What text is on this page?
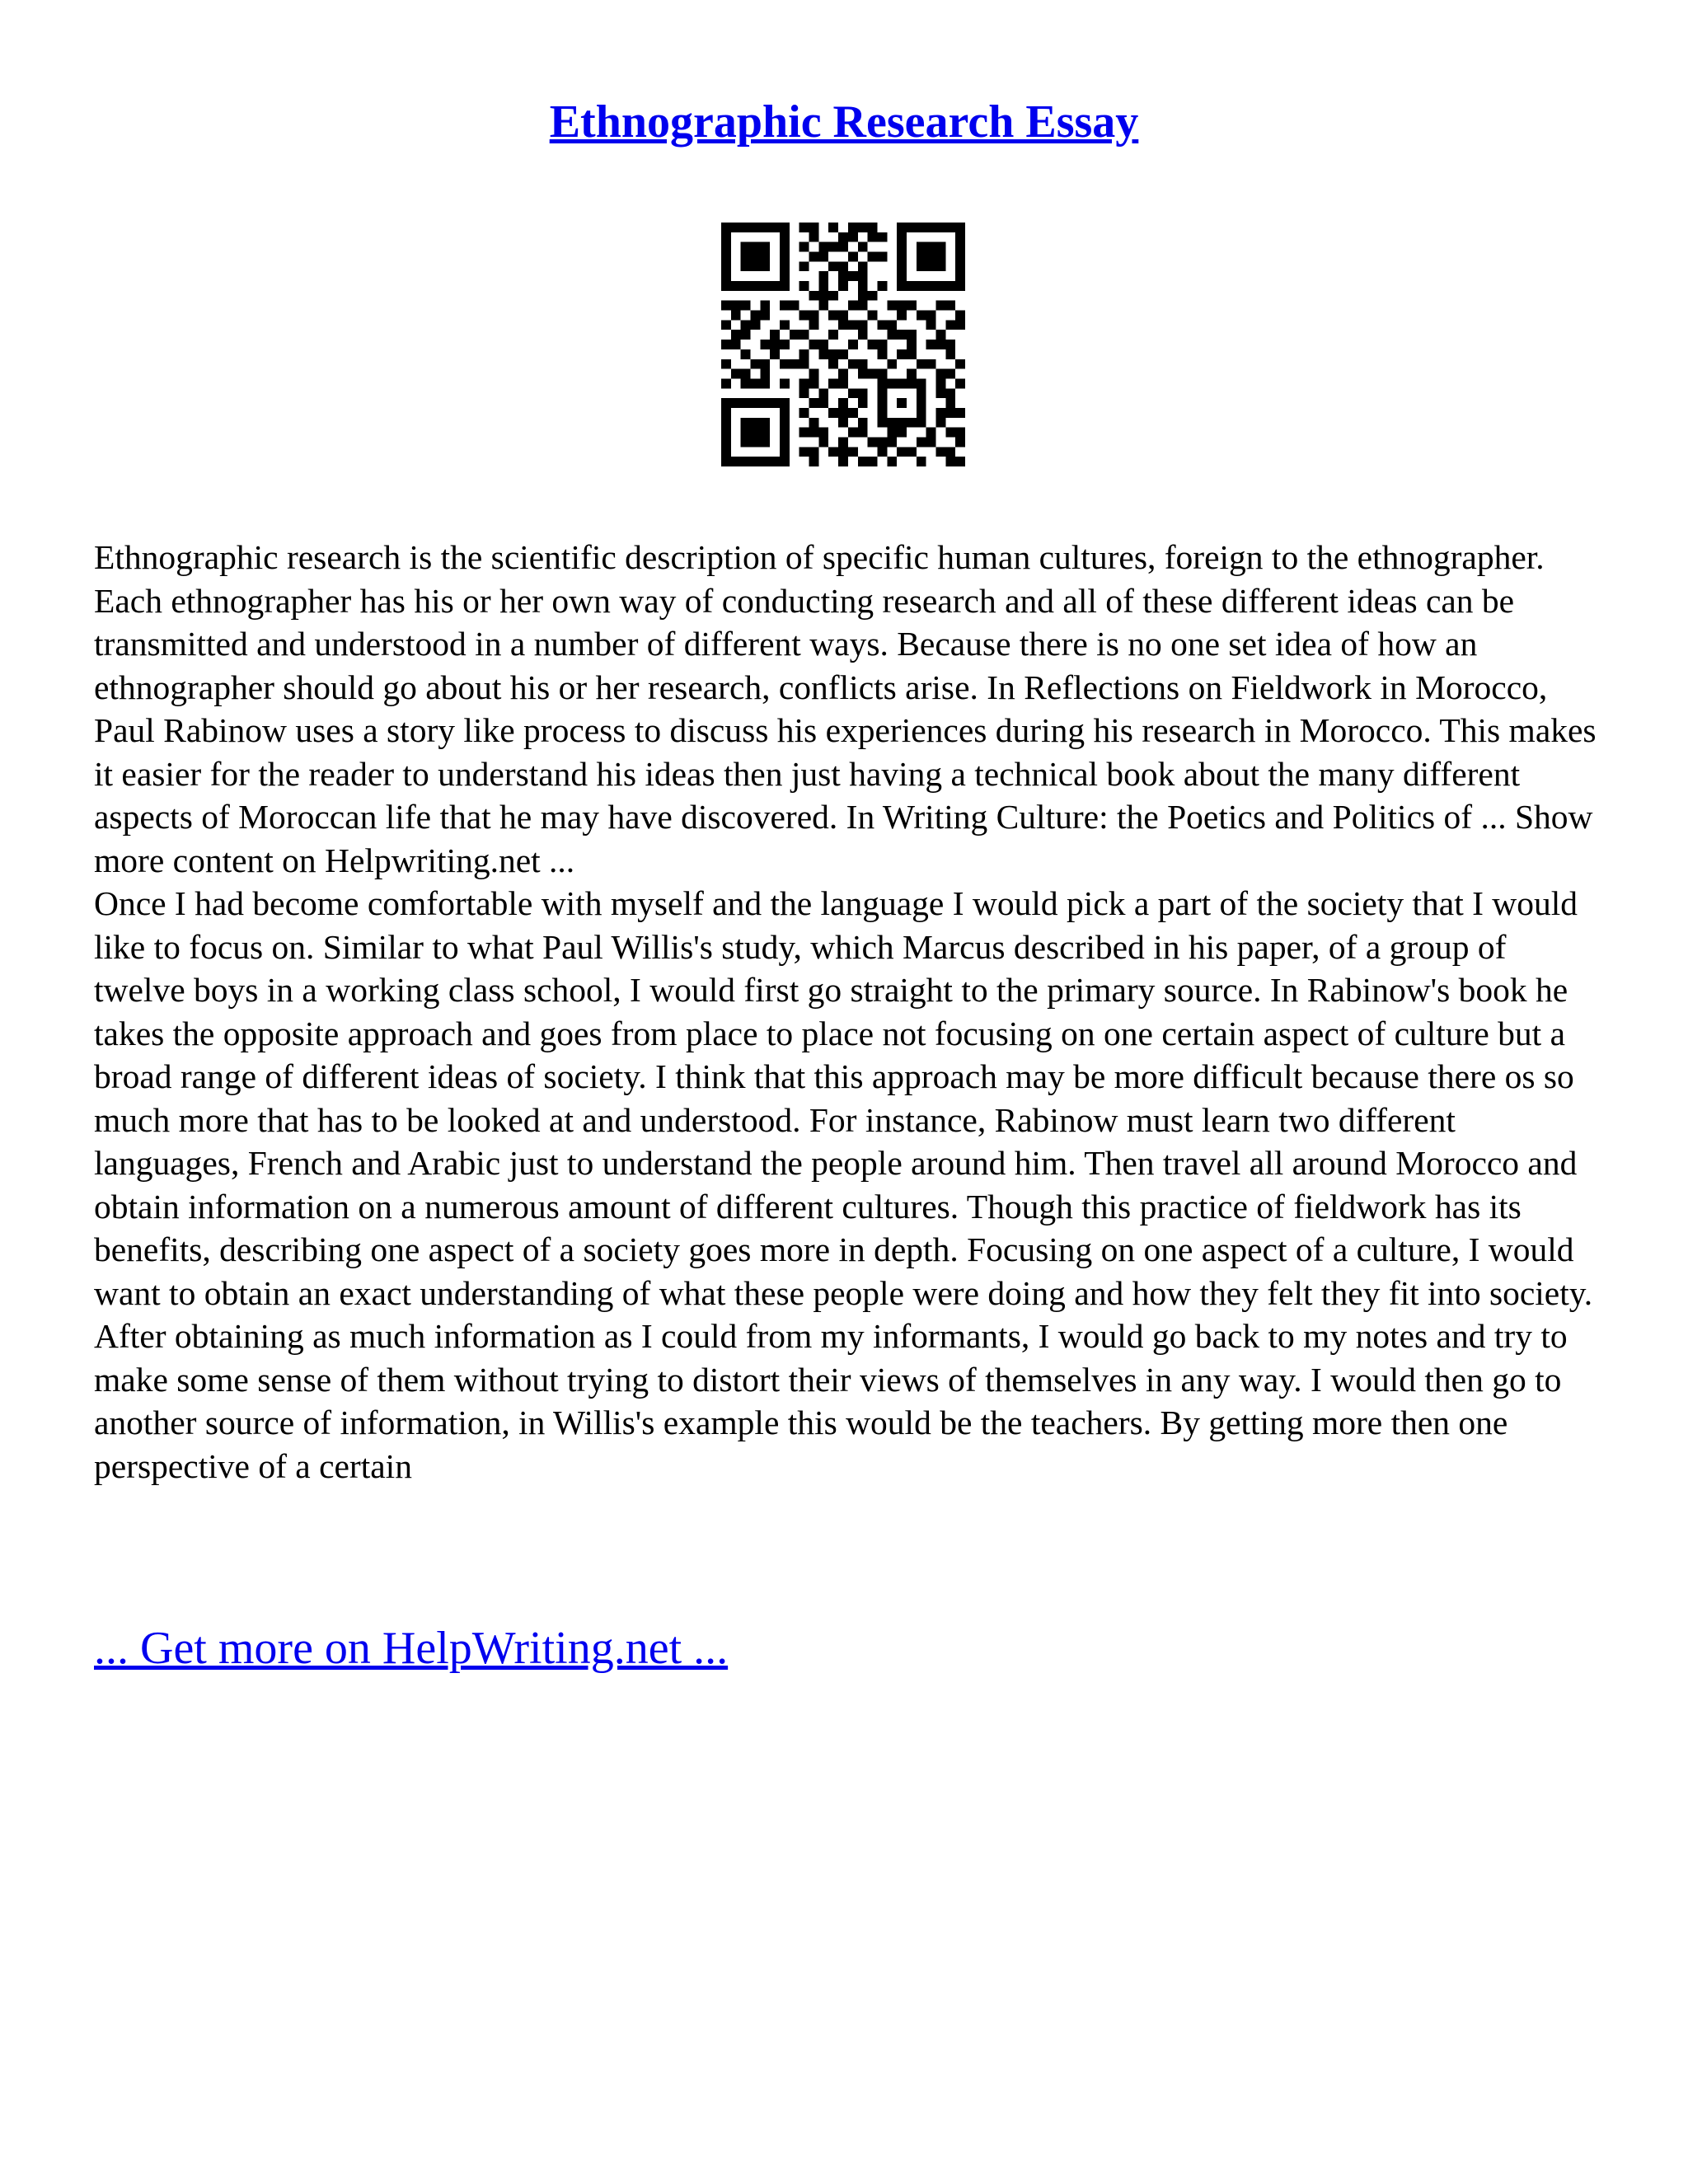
Ethnographic Research Essay

Ethnographic research is the scientific description of specific human cultures, foreign to the ethnographer. Each ethnographer has his or her own way of conducting research and all of these different ideas can be transmitted and understood in a number of different ways. Because there is no one set idea of how an ethnographer should go about his or her research, conflicts arise. In Reflections on Fieldwork in Morocco, Paul Rabinow uses a story like process to discuss his experiences during his research in Morocco. This makes it easier for the reader to understand his ideas then just having a technical book about the many different aspects of Moroccan life that he may have discovered. In Writing Culture: the Poetics and Politics of ... Show more content on Helpwriting.net ...

Once I had become comfortable with myself and the language I would pick a part of the society that I would like to focus on. Similar to what Paul Willis's study, which Marcus described in his paper, of a group of twelve boys in a working class school, I would first go straight to the primary source. In Rabinow's book he takes the opposite approach and goes from place to place not focusing on one certain aspect of culture but a broad range of different ideas of society. I think that this approach may be more difficult because there os so much more that has to be looked at and understood. For instance, Rabinow must learn two different languages, French and Arabic just to understand the people around him. Then travel all around Morocco and obtain information on a numerous amount of different cultures. Though this practice of fieldwork has its benefits, describing one aspect of a society goes more in depth. Focusing on one aspect of a culture, I would want to obtain an exact understanding of what these people were doing and how they felt they fit into society. After obtaining as much information as I could from my informants, I would go back to my notes and try to make some sense of them without trying to distort their views of themselves in any way. I would then go to another source of information, in Willis's example this would be the teachers. By getting more then one perspective of a certain

... Get more on HelpWriting.net ...
